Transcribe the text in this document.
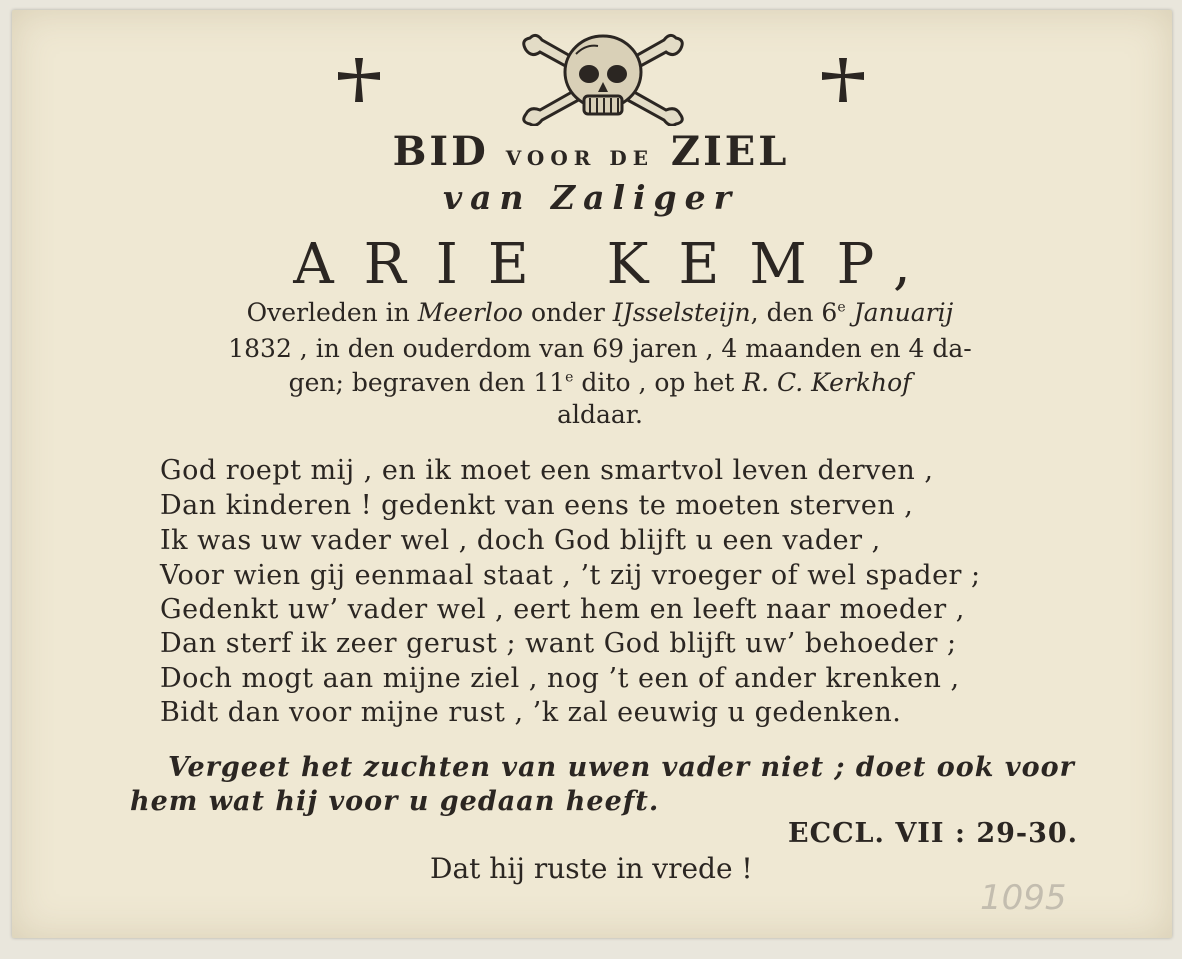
BID VOOR DE ZIEL
van Zaliger
ARIE KEMP,
Overleden in Meerloo onder IJsselsteijn, den 6e Januarij
1832 , in den ouderdom van 69 jaren , 4 maanden en 4 da-
gen; begraven den 11e dito , op het R. C. Kerkhof
aldaar.
God roept mij , en ik moet een smartvol leven derven ,
Dan kinderen ! gedenkt van eens te moeten sterven ,
Ik was uw vader wel , doch God blijft u een vader ,
Voor wien gij eenmaal staat , ’t zij vroeger of wel spader ;
Gedenkt uw’ vader wel , eert hem en leeft naar moeder ,
Dan sterf ik zeer gerust ; want God blijft uw’ behoeder ;
Doch mogt aan mijne ziel , nog ’t een of ander krenken ,
Bidt dan voor mijne rust , ’k zal eeuwig u gedenken.
Vergeet het zuchten van uwen vader niet ; doet ook voor
hem wat hij voor u gedaan heeft.
ECCL. VII : 29-30.
Dat hij ruste in vrede !
1095
